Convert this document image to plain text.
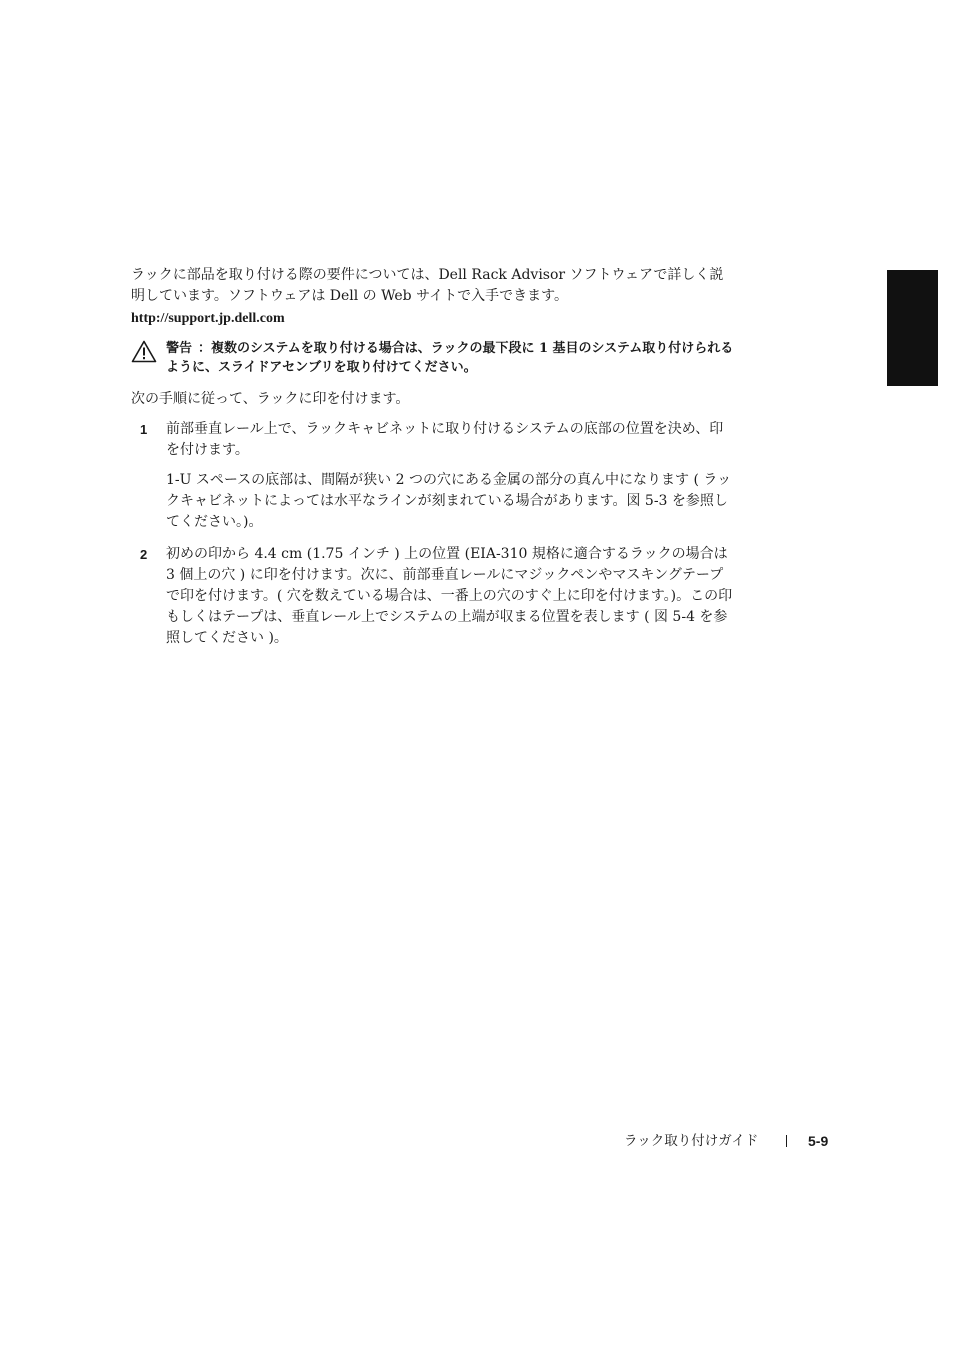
ラックに部品を取り付ける際の要件については、Dell Rack Advisor ソフトウェアで詳しく説明しています。ソフトウェアは Dell の Web サイトで入手できます。

http://support.jp.dell.com

警告 ：複数のシステムを取り付ける場合は、ラックの最下段に 1 基目のシステム取り付けられるように、スライドアセンブリを取り付けてください。

次の手順に従って、ラックに印を付けます。

1 前部垂直レール上で、ラックキャビネットに取り付けるシステムの底部の位置を決め、印を付けます。

1-U スペースの底部は、間隔が狭い 2 つの穴にある金属の部分の真ん中になります ( ラックキャビネットによっては水平なラインが刻まれている場合があります。図 5-3 を参照してください。)。

2 初めの印から 4.4 cm (1.75 インチ ) 上の位置 (EIA-310 規格に適合するラックの場合は 3 個上の穴 ) に印を付けます。次に、前部垂直レールにマジックペンやマスキングテープで印を付けます。( 穴を数えている場合は、一番上の穴のすぐ上に印を付けます。)。この印もしくはテープは、垂直レール上でシステムの上端が収まる位置を表します ( 図 5-4 を参照してください )。

ラック取り付けガイド	5-9
